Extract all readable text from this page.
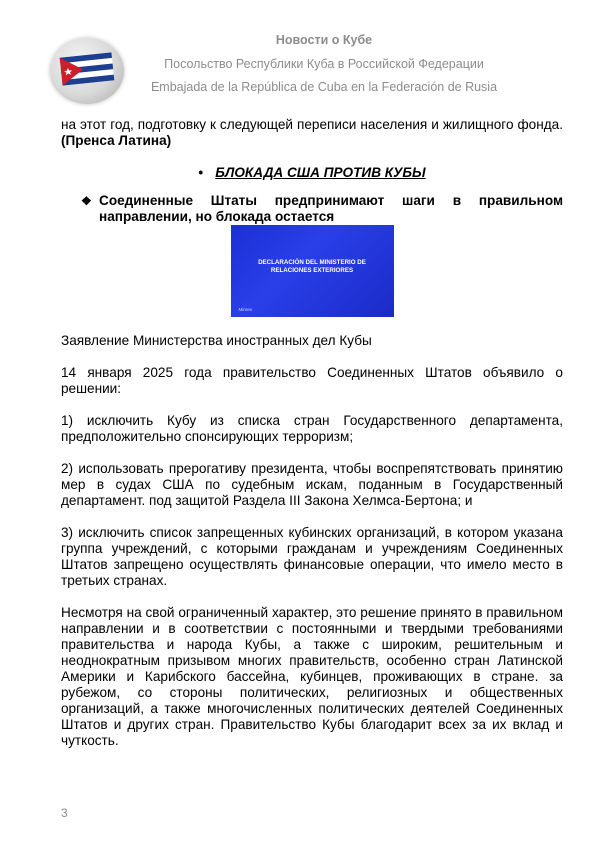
Новости о Кубе
Посольство Республики Куба в Российской Федерации
Embajada de la República de Cuba en la Federación de Rusia

на этот год, подготовку к следующей переписи населения и жилищного фонда. (Пренса Латина)

• БЛОКАДА США ПРОТИВ КУБЫ
❖ Соединенные Штаты предпринимают шаги в правильном направлении, но блокада остается
DECLARACIÓN DEL MINISTERIO DE
RELACIONES EXTERIORES
Minrex

Заявление Министерства иностранных дел Кубы

14 января 2025 года правительство Соединенных Штатов объявило о решении:

1) исключить Кубу из списка стран Государственного департамента, предположительно спонсирующих терроризм;

2) использовать прерогативу президента, чтобы воспрепятствовать принятию мер в судах США по судебным искам, поданным в Государственный департамент. под защитой Раздела III Закона Хелмса-Бертона; и

3) исключить список запрещенных кубинских организаций, в котором указана группа учреждений, с которыми гражданам и учреждениям Соединенных Штатов запрещено осуществлять финансовые операции, что имело место в третьих странах.

Несмотря на свой ограниченный характер, это решение принято в правильном направлении и в соответствии с постоянными и твердыми требованиями правительства и народа Кубы, а также с широким, решительным и неоднократным призывом многих правительств, особенно стран Латинской Америки и Карибского бассейна, кубинцев, проживающих в стране. за рубежом, со стороны политических, религиозных и общественных организаций, а также многочисленных политических деятелей Соединенных Штатов и других стран. Правительство Кубы благодарит всех за их вклад и чуткость.

3
